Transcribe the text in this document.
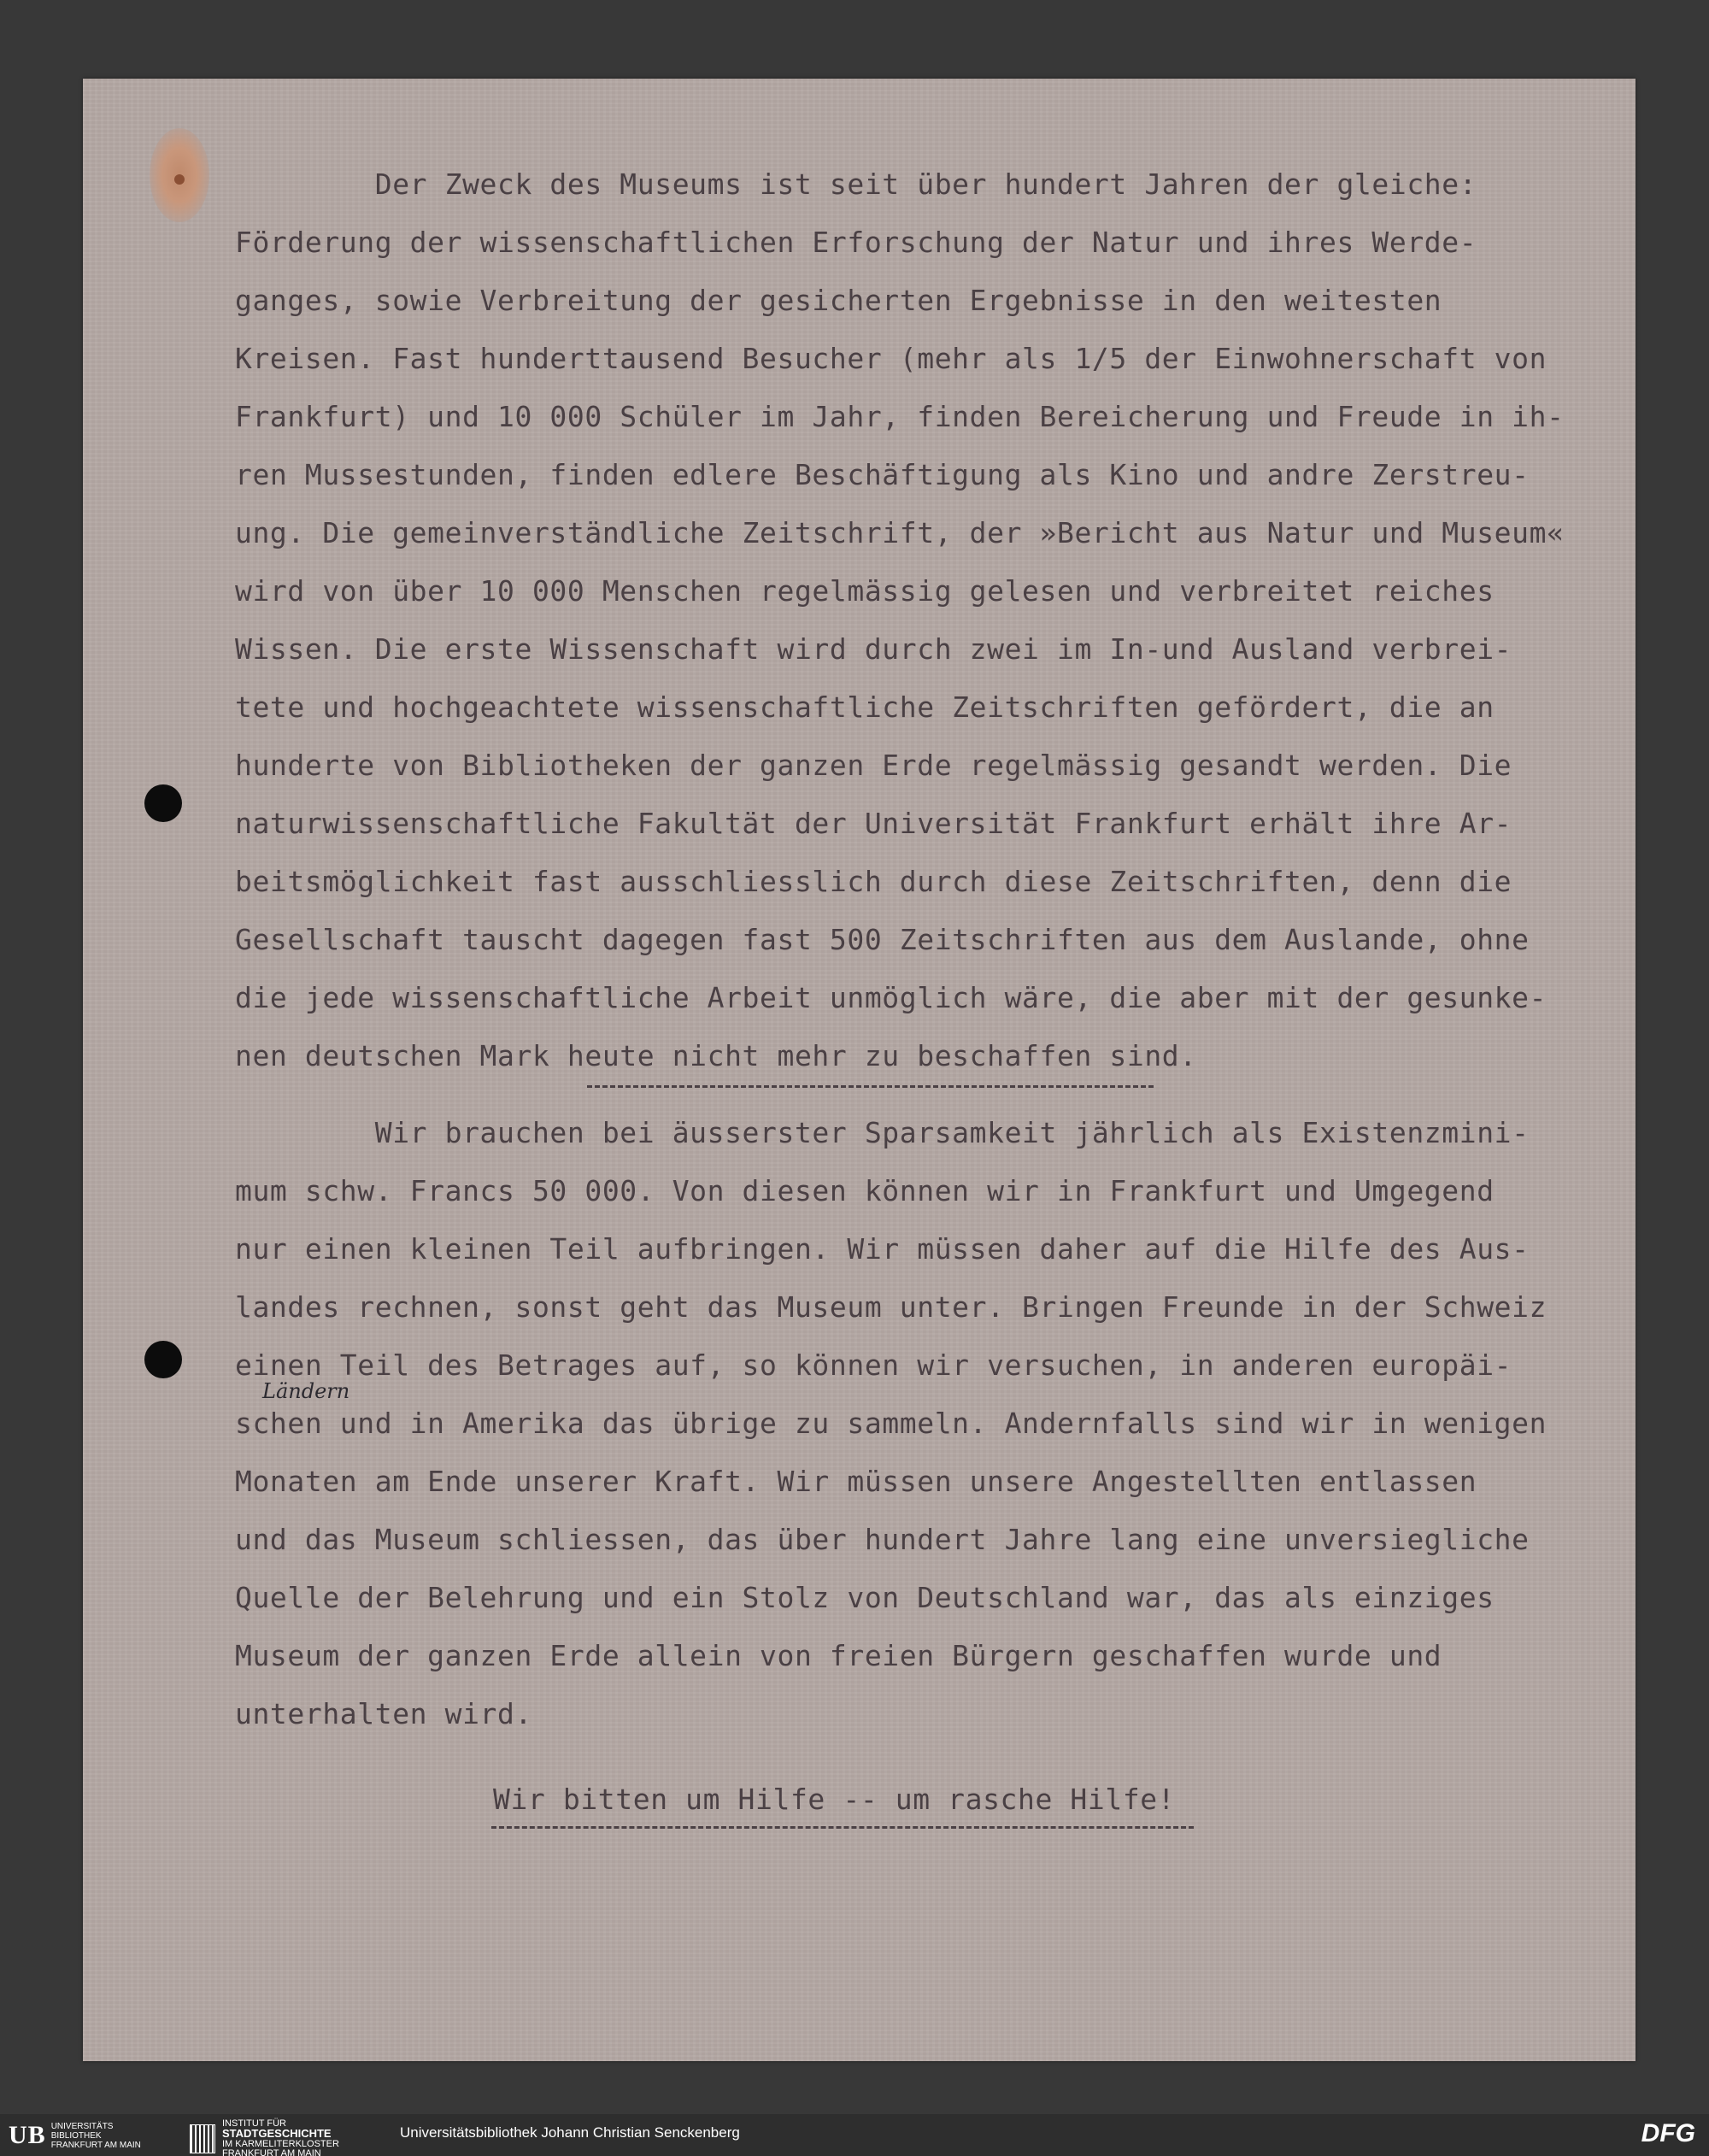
Der Zweck des Museums ist seit über hundert Jahren der gleiche:
Förderung der wissenschaftlichen Erforschung der Natur und ihres Werde-
ganges, sowie Verbreitung der gesicherten Ergebnisse in den weitesten
Kreisen. Fast hunderttausend Besucher (mehr als 1/5 der Einwohnerschaft von
Frankfurt) und 10 000 Schüler im Jahr, finden Bereicherung und Freude in ih-
ren Mussestunden, finden edlere Beschäftigung als Kino und andre Zerstreu-
ung. Die gemeinverständliche Zeitschrift, der »Bericht aus Natur und Museum«
wird von über 10 000 Menschen regelmässig gelesen und verbreitet reiches
Wissen. Die erste Wissenschaft wird durch zwei im In-und Ausland verbrei-
tete und hochgeachtete wissenschaftliche Zeitschriften gefördert, die an
hunderte von Bibliotheken der ganzen Erde regelmässig gesandt werden. Die
naturwissenschaftliche Fakultät der Universität Frankfurt erhält ihre Ar-
beitsmöglichkeit fast ausschliesslich durch diese Zeitschriften, denn die
Gesellschaft tauscht dagegen fast 500 Zeitschriften aus dem Auslande, ohne
die jede wissenschaftliche Arbeit unmöglich wäre, die aber mit der gesunke-
nen deutschen Mark heute nicht mehr zu beschaffen sind.
Wir brauchen bei äusserster Sparsamkeit jährlich als Existenzmini-
mum schw. Francs 50 000. Von diesen können wir in Frankfurt und Umgegend
nur einen kleinen Teil aufbringen. Wir müssen daher auf die Hilfe des Aus-
landes rechnen, sonst geht das Museum unter. Bringen Freunde in der Schweiz
einen Teil des Betrages auf, so können wir versuchen, in anderen europäi-
schen und in Amerika das übrige zu sammeln. Andernfalls sind wir in wenigen
Monaten am Ende unserer Kraft. Wir müssen unsere Angestellten entlassen
und das Museum schliessen, das über hundert Jahre lang eine unversiegliche
Quelle der Belehrung und ein Stolz von Deutschland war, das als einziges
Museum der ganzen Erde allein von freien Bürgern geschaffen wurde und
unterhalten wird.
Ländern
Wir bitten um Hilfe -- um rasche Hilfe!
UB UNIVERSITÄTS
BIBLIOTHEK
FRANKFURT AM MAIN
INSTITUT FÜR
STADTGESCHICHTE
IM KARMELITERKLOSTER
FRANKFURT AM MAIN
Universitätsbibliothek Johann Christian Senckenberg	DFG
